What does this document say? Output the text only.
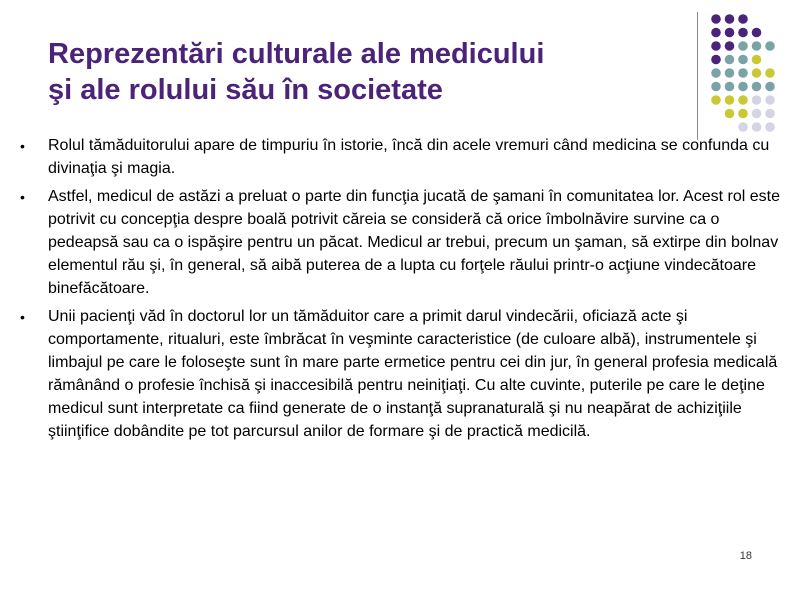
Reprezentări culturale ale medicului
şi ale rolului său în societate
• Rolul tămăduitorului apare de timpuriu în istorie, încă din acele vremuri când medicina se confunda cu divinaţia şi magia.
• Astfel, medicul de astăzi a preluat o parte din funcţia jucată de şamani în comunitatea lor. Acest rol este potrivit cu concepţia despre boală potrivit căreia se consideră că orice îmbolnăvire survine ca o pedeapsă sau ca o ispăşire pentru un păcat. Medicul ar trebui, precum un şaman, să extirpe din bolnav elementul rău şi, în general, să aibă puterea de a lupta cu forţele răului printr-o acţiune vindecătoare binefăcătoare.
• Unii pacienţi văd în doctorul lor un tămăduitor care a primit darul vindecării, oficiază acte şi comportamente, ritualuri, este îmbrăcat în veşminte caracteristice (de culoare albă), instrumentele şi limbajul pe care le foloseşte sunt în mare parte ermetice pentru cei din jur, în general profesia medicală rămânând o profesie închisă şi inaccesibilă pentru neiniţiaţi. Cu alte cuvinte, puterile pe care le deţine medicul sunt interpretate ca fiind generate de o instanţă supranaturală şi nu neapărat de achiziţiile ştiinţifice dobândite pe tot parcursul anilor de formare şi de practică medicilă.
18
